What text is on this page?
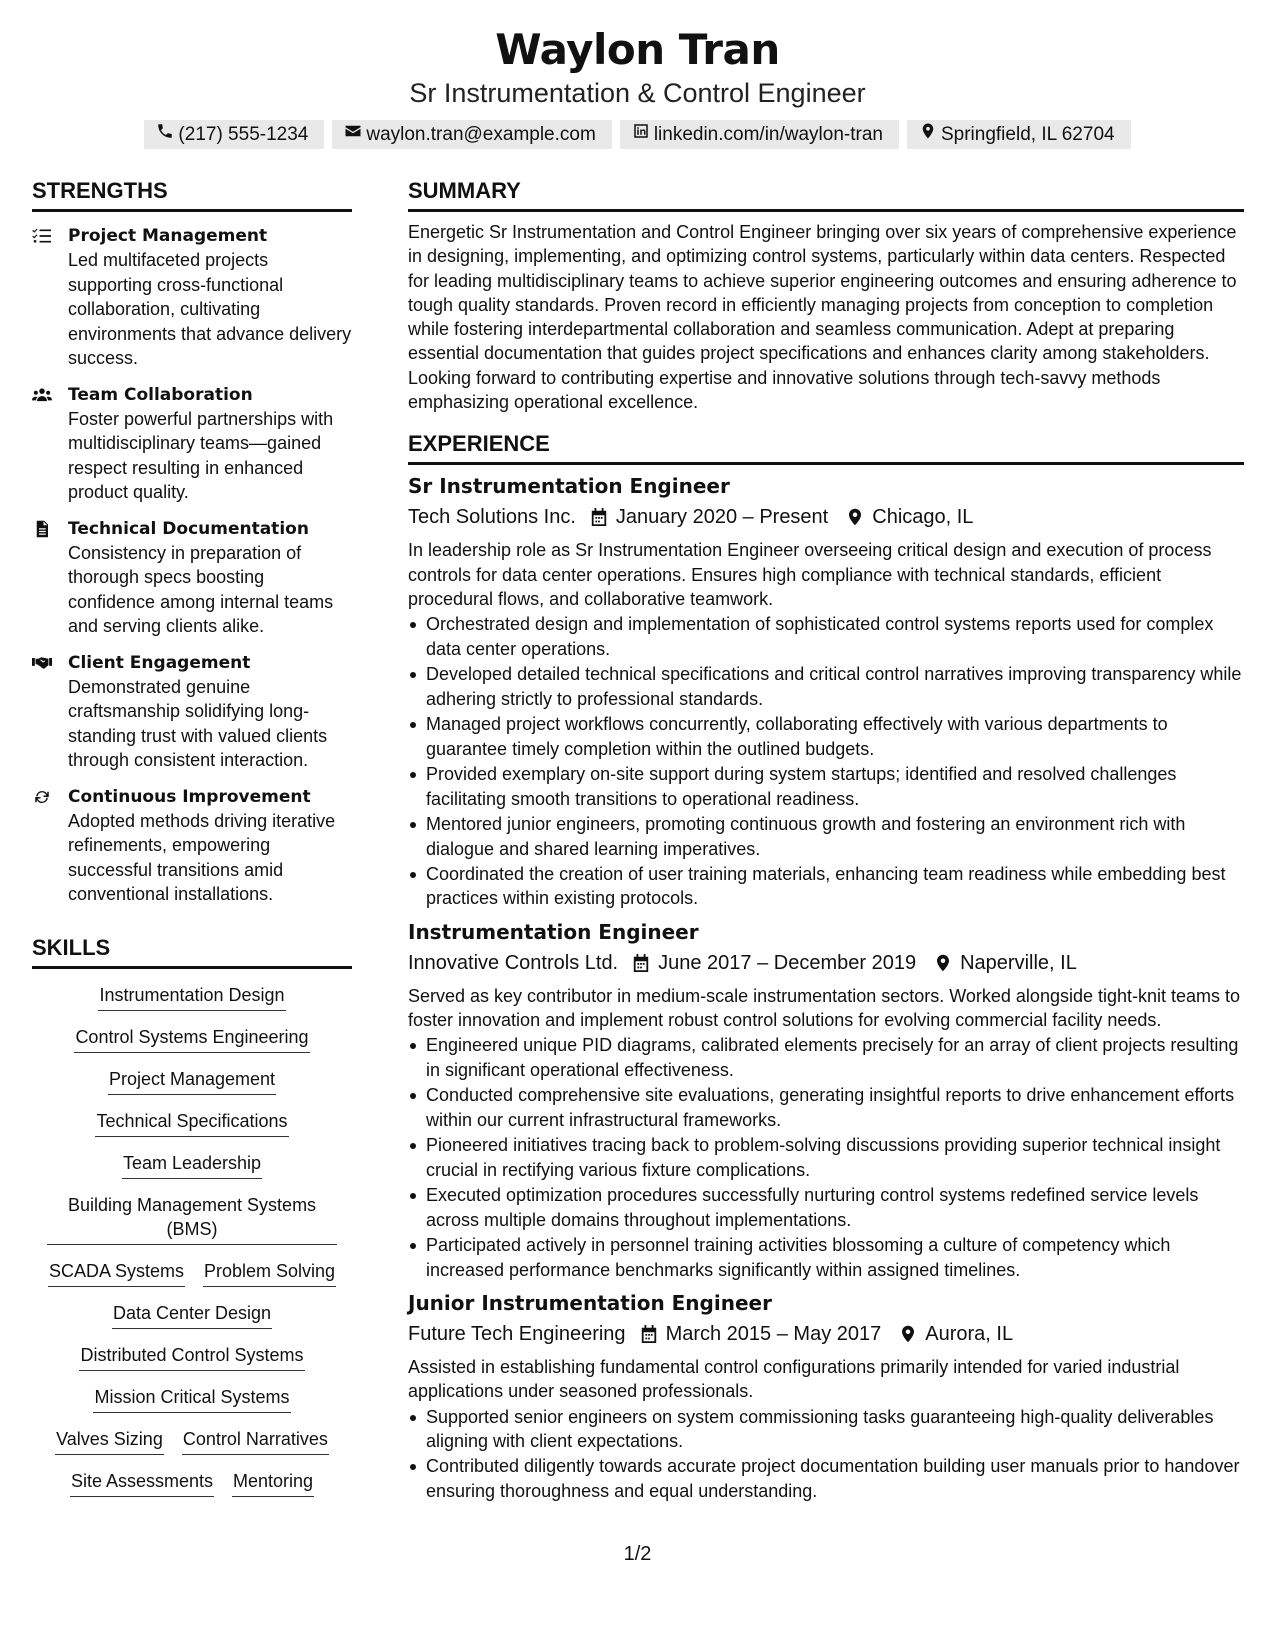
Waylon Tran
Sr Instrumentation & Control Engineer
(217) 555-1234	waylon.tran@example.com	linkedin.com/in/waylon-tran	Springfield, IL 62704
STRENGTHS
Project Management
Led multifaceted projects supporting cross-functional collaboration, cultivating environments that advance delivery success.
Team Collaboration
Foster powerful partnerships with multidisciplinary teams—gained respect resulting in enhanced product quality.
Technical Documentation
Consistency in preparation of thorough specs boosting confidence among internal teams and serving clients alike.
Client Engagement
Demonstrated genuine craftsmanship solidifying long-standing trust with valued clients through consistent interaction.
Continuous Improvement
Adopted methods driving iterative refinements, empowering successful transitions amid conventional installations.
SKILLS
Instrumentation Design
Control Systems Engineering
Project Management
Technical Specifications
Team Leadership
Building Management Systems (BMS)
SCADA Systems Problem Solving
Data Center Design
Distributed Control Systems
Mission Critical Systems
Valves Sizing Control Narratives
Site Assessments Mentoring
SUMMARY
Energetic Sr Instrumentation and Control Engineer bringing over six years of comprehensive experience in designing, implementing, and optimizing control systems, particularly within data centers. Respected for leading multidisciplinary teams to achieve superior engineering outcomes and ensuring adherence to tough quality standards. Proven record in efficiently managing projects from conception to completion while fostering interdepartmental collaboration and seamless communication. Adept at preparing essential documentation that guides project specifications and enhances clarity among stakeholders. Looking forward to contributing expertise and innovative solutions through tech-savvy methods emphasizing operational excellence.
EXPERIENCE
Sr Instrumentation Engineer
Tech Solutions Inc. January 2020 – Present Chicago, IL
In leadership role as Sr Instrumentation Engineer overseeing critical design and execution of process controls for data center operations. Ensures high compliance with technical standards, efficient procedural flows, and collaborative teamwork.
Orchestrated design and implementation of sophisticated control systems reports used for complex data center operations.
Developed detailed technical specifications and critical control narratives improving transparency while adhering strictly to professional standards.
Managed project workflows concurrently, collaborating effectively with various departments to guarantee timely completion within the outlined budgets.
Provided exemplary on-site support during system startups; identified and resolved challenges facilitating smooth transitions to operational readiness.
Mentored junior engineers, promoting continuous growth and fostering an environment rich with dialogue and shared learning imperatives.
Coordinated the creation of user training materials, enhancing team readiness while embedding best practices within existing protocols.
Instrumentation Engineer
Innovative Controls Ltd. June 2017 – December 2019 Naperville, IL
Served as key contributor in medium-scale instrumentation sectors. Worked alongside tight-knit teams to foster innovation and implement robust control solutions for evolving commercial facility needs.
Engineered unique PID diagrams, calibrated elements precisely for an array of client projects resulting in significant operational effectiveness.
Conducted comprehensive site evaluations, generating insightful reports to drive enhancement efforts within our current infrastructural frameworks.
Pioneered initiatives tracing back to problem-solving discussions providing superior technical insight crucial in rectifying various fixture complications.
Executed optimization procedures successfully nurturing control systems redefined service levels across multiple domains throughout implementations.
Participated actively in personnel training activities blossoming a culture of competency which increased performance benchmarks significantly within assigned timelines.
Junior Instrumentation Engineer
Future Tech Engineering March 2015 – May 2017 Aurora, IL
Assisted in establishing fundamental control configurations primarily intended for varied industrial applications under seasoned professionals.
Supported senior engineers on system commissioning tasks guaranteeing high-quality deliverables aligning with client expectations.
Contributed diligently towards accurate project documentation building user manuals prior to handover ensuring thoroughness and equal understanding.
1/2
